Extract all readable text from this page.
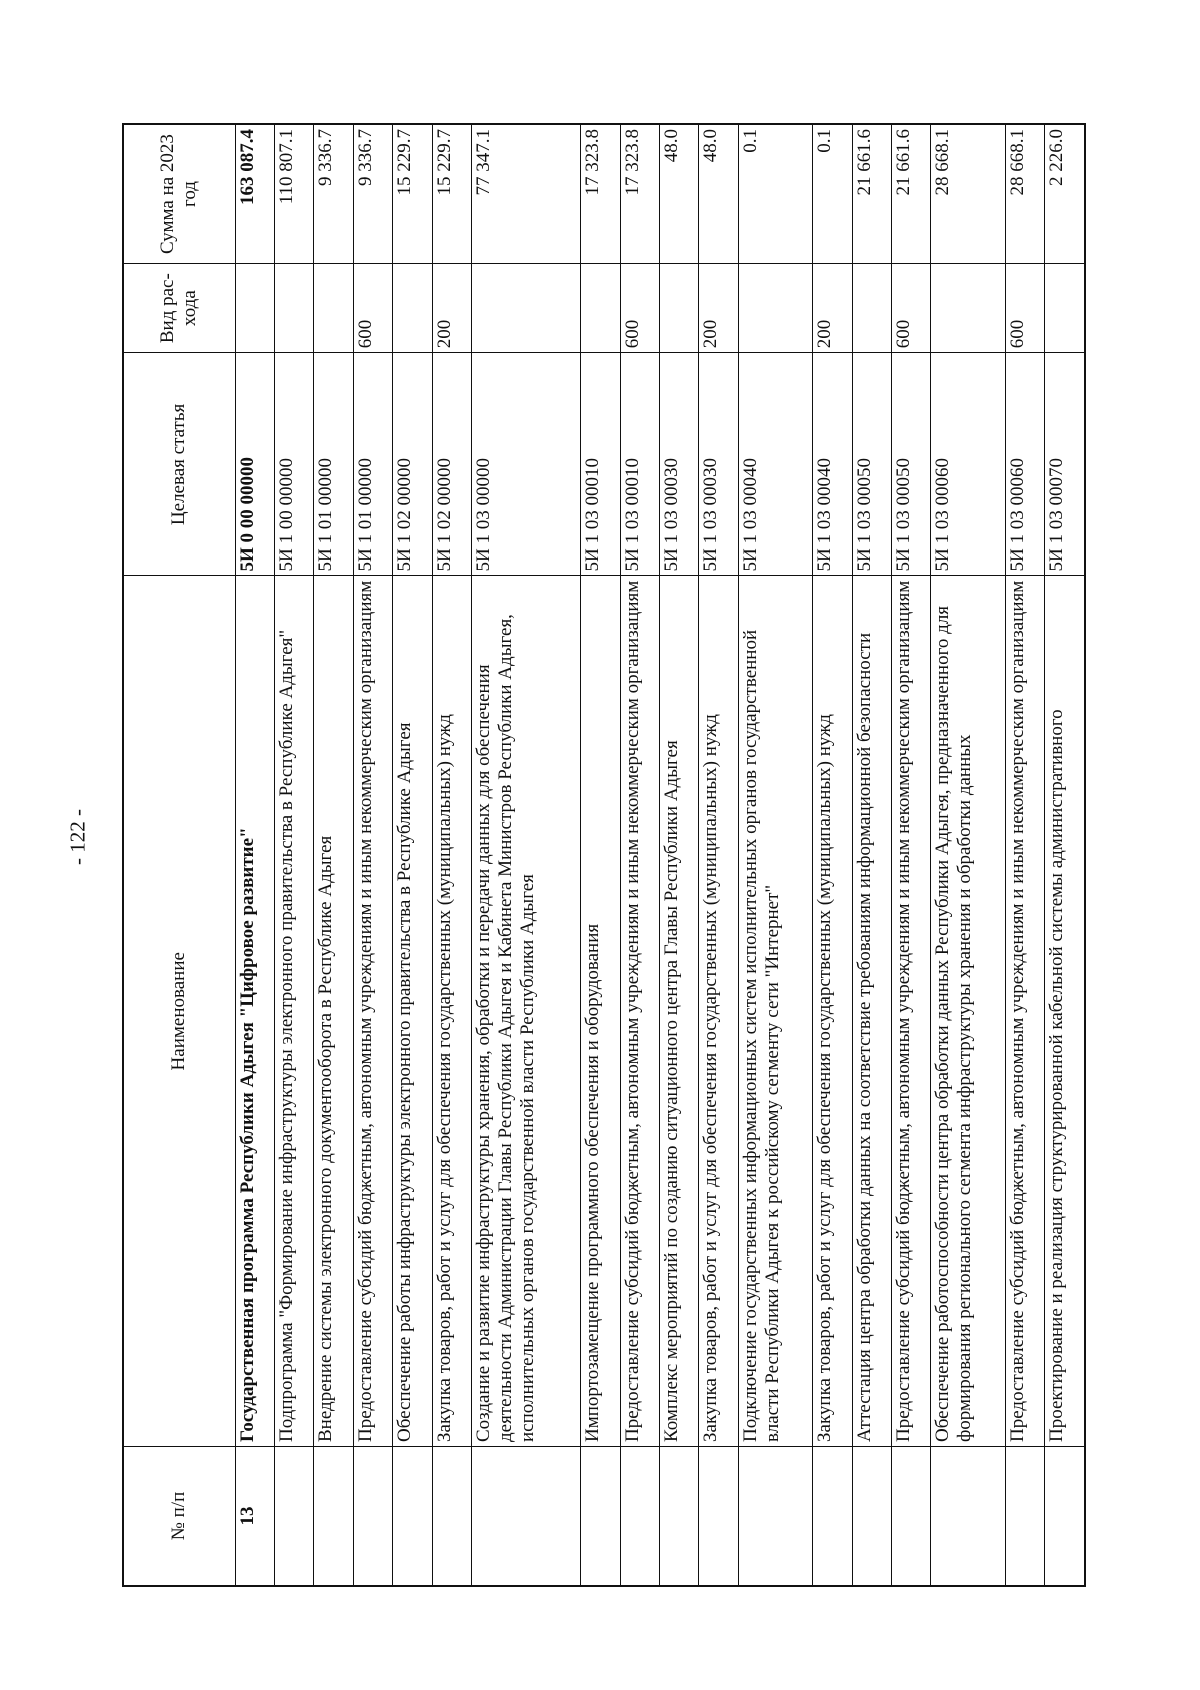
- 122 -
№ п/п	Наименование	Целевая статья	Вид рас-хода	Сумма на 2023 год
13	Государственная программа Республики Адыгея "Цифровое развитие"	5И 0 00 00000		163 087.4
	Подпрограмма "Формирование инфраструктуры электронного правительства в Республике Адыгея"	5И 1 00 00000		110 807.1
	Внедрение системы электронного документооборота в Республике Адыгея	5И 1 01 00000		9 336.7
	Предоставление субсидий бюджетным, автономным учреждениям и иным некоммерческим организациям	5И 1 01 00000	600	9 336.7
	Обеспечение работы инфраструктуры электронного правительства в Республике Адыгея	5И 1 02 00000		15 229.7
	Закупка товаров, работ и услуг для обеспечения государственных (муниципальных) нужд	5И 1 02 00000	200	15 229.7
	Создание и развитие инфраструктуры хранения, обработки и передачи данных для обеспечения деятельности Администрации Главы Республики Адыгея и Кабинета Министров Республики Адыгея, исполнительных органов государственной власти Республики Адыгея	5И 1 03 00000		77 347.1
	Импортозамещение программного обеспечения и оборудования	5И 1 03 00010		17 323.8
	Предоставление субсидий бюджетным, автономным учреждениям и иным некоммерческим организациям	5И 1 03 00010	600	17 323.8
	Комплекс мероприятий по созданию ситуационного центра Главы Республики Адыгея	5И 1 03 00030		48.0
	Закупка товаров, работ и услуг для обеспечения государственных (муниципальных) нужд	5И 1 03 00030	200	48.0
	Подключение государственных информационных систем исполнительных органов государственной власти Республики Адыгея к российскому сегменту сети "Интернет"	5И 1 03 00040		0.1
	Закупка товаров, работ и услуг для обеспечения государственных (муниципальных) нужд	5И 1 03 00040	200	0.1
	Аттестация центра обработки данных на соответствие требованиям информационной безопасности	5И 1 03 00050		21 661.6
	Предоставление субсидий бюджетным, автономным учреждениям и иным некоммерческим организациям	5И 1 03 00050	600	21 661.6
	Обеспечение работоспособности центра обработки данных Республики Адыгея, предназначенного для формирования регионального сегмента инфраструктуры хранения и обработки данных	5И 1 03 00060		28 668.1
	Предоставление субсидий бюджетным, автономным учреждениям и иным некоммерческим организациям	5И 1 03 00060	600	28 668.1
	Проектирование и реализация структурированной кабельной системы административного	5И 1 03 00070		2 226.0
